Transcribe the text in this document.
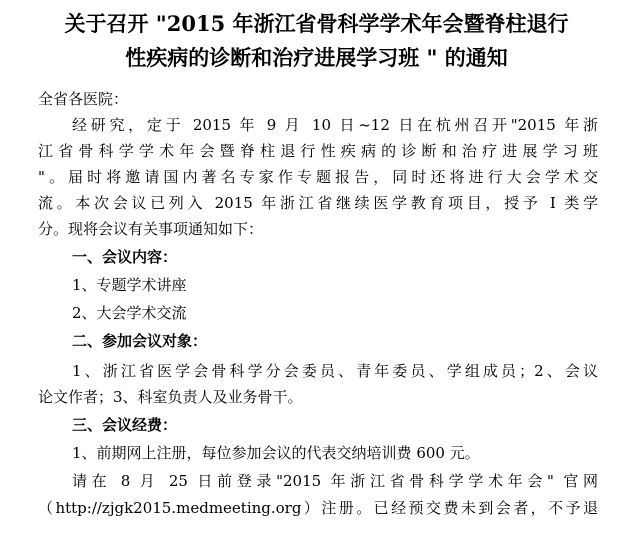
关于召开 "2015 年浙江省骨科学学术年会暨脊柱退行
性疾病的诊断和治疗进展学习班 " 的通知
全省各医院：
经研究，定于 2015 年 9 月 10 日~12 日在杭州召开"2015 年浙
江省骨科学学术年会暨脊柱退行性疾病的诊断和治疗进展学习班
"。届时将邀请国内著名专家作专题报告，同时还将进行大会学术交
流。本次会议已列入 2015 年浙江省继续医学教育项目，授予 I 类学
分。现将会议有关事项通知如下：
一、会议内容：
1、专题学术讲座
2、大会学术交流
二、参加会议对象：
1、浙江省医学会骨科学分会委员、青年委员、学组成员；2、会议
论文作者；3、科室负责人及业务骨干。
三、会议经费：
1、前期网上注册，每位参加会议的代表交纳培训费 600 元。
请在 8 月 25 日前登录"2015 年浙江省骨科学学术年会" 官网
（http://zjgk2015.medmeeting.org）注册。已经预交费未到会者，不予退
